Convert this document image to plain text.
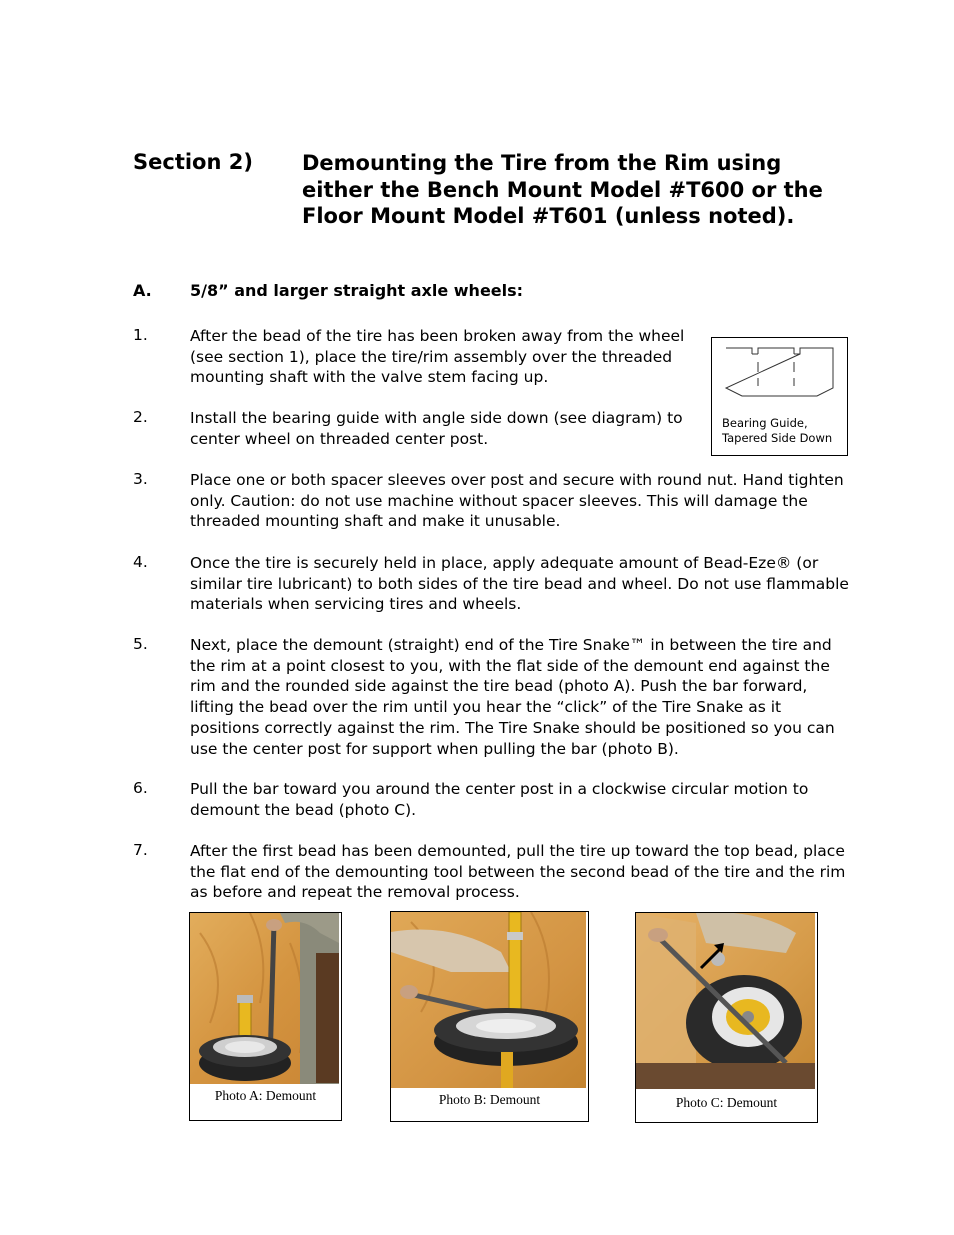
Section 2) Demounting the Tire from the Rim using either the Bench Mount Model #T600 or the Floor Mount Model #T601 (unless noted).
A. 5/8” and larger straight axle wheels:
1.	After the bead of the tire has been broken away from the wheel (see section 1), place the tire/rim assembly over the threaded mounting shaft with the valve stem facing up.
2.	Install the bearing guide with angle side down (see diagram) to center wheel on threaded center post.
3.	Place one or both spacer sleeves over post and secure with round nut. Hand tighten only. Caution: do not use machine without spacer sleeves. This will damage the threaded mounting shaft and make it unusable.
4.	Once the tire is securely held in place, apply adequate amount of Bead-Eze® (or similar tire lubricant) to both sides of the tire bead and wheel. Do not use flammable materials when servicing tires and wheels.
5.	Next, place the demount (straight) end of the Tire Snake™ in between the tire and the rim at a point closest to you, with the flat side of the demount end against the rim and the rounded side against the tire bead (photo A). Push the bar forward, lifting the bead over the rim until you hear the “click” of the Tire Snake as it positions correctly against the rim. The Tire Snake should be positioned so you can use the center post for support when pulling the bar (photo B).
6.	Pull the bar toward you around the center post in a clockwise circular motion to demount the bead (photo C).
7.	After the first bead has been demounted, pull the tire up toward the top bead, place the flat end of the demounting tool between the second bead of the tire and the rim as before and repeat the removal process.
Bearing Guide,
Tapered Side Down
Photo A: Demount	Photo B: Demount	Photo C: Demount
